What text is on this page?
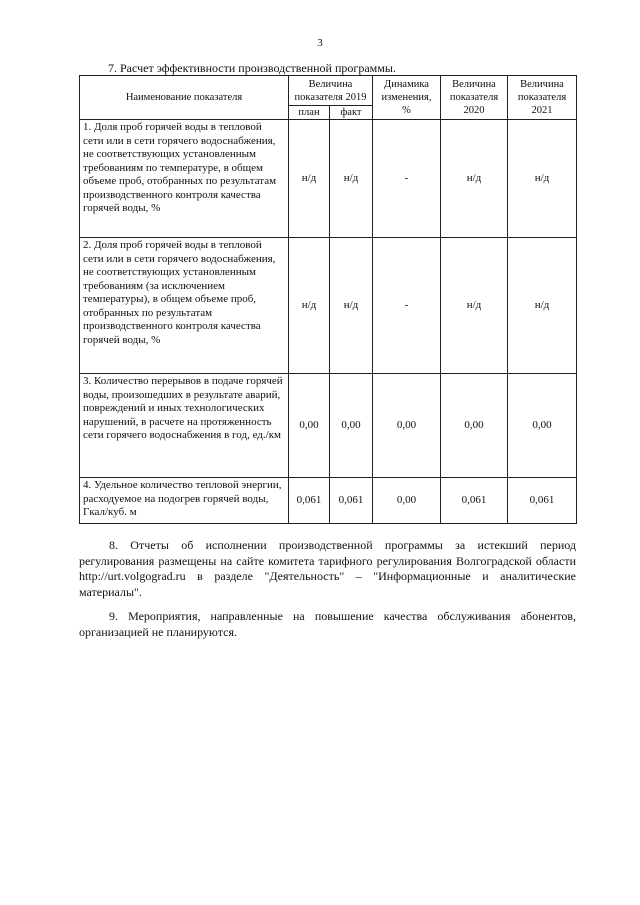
3
7. Расчет эффективности производственной программы.
Наименование показателя	Величина показателя 2019		Динамика изменения, %	Величина показателя 2020	Величина показателя 2021
	план	факт			
1. Доля проб горячей воды в тепловой сети или в сети горячего водоснабжения, не соответствующих установленным требованиям по температуре, в общем объеме проб, отобранных по результатам производственного контроля качества горячей воды, %	н/д	н/д	-	н/д	н/д
2. Доля проб горячей воды в тепловой сети или в сети горячего водоснабжения, не соответствующих установленным требованиям (за исключением температуры), в общем объеме проб, отобранных по результатам производственного контроля качества горячей воды, %	н/д	н/д	-	н/д	н/д
3. Количество перерывов в подаче горячей воды, произошедших в результате аварий, повреждений и иных технологических нарушений, в расчете на протяженность сети горячего водоснабжения в год, ед./км	0,00	0,00	0,00	0,00	0,00
4. Удельное количество тепловой энергии, расходуемое на подогрев горячей воды, Гкал/куб. м	0,061	0,061	0,00	0,061	0,061

8. Отчеты об исполнении производственной программы за истекший период регулирования размещены на сайте комитета тарифного регулирования Волгоградской области http://urt.volgograd.ru в разделе "Деятельность" – "Информационные и аналитические материалы".

9. Мероприятия, направленные на повышение качества обслуживания абонентов, организацией не планируются.
